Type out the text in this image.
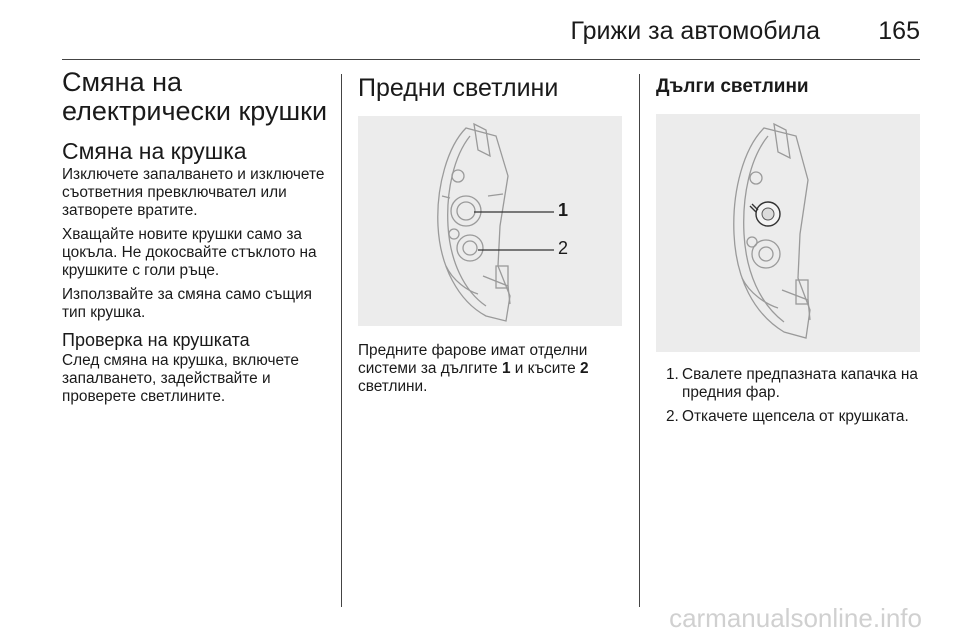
Грижи за автомобила 165
Смяна на
електрически крушки
Смяна на крушка

Изключете запалването и изключете съответния превключвател или затворете вратите.

Хващайте новите крушки само за цокъла. Не докосвайте стъклото на крушките с голи ръце.

Използвайте за смяна само същия тип крушка.

Проверка на крушката

След смяна на крушка, включете запалването, задействайте и проверете светлините.

Предни светлини
1
2

Предните фарове имат отделни системи за дългите 1 и късите 2 светлини.

Дълги светлини
1. Свалете предпазната капачка на предния фар.
2. Откачете щепсела от крушката.
carmanualsonline.info
